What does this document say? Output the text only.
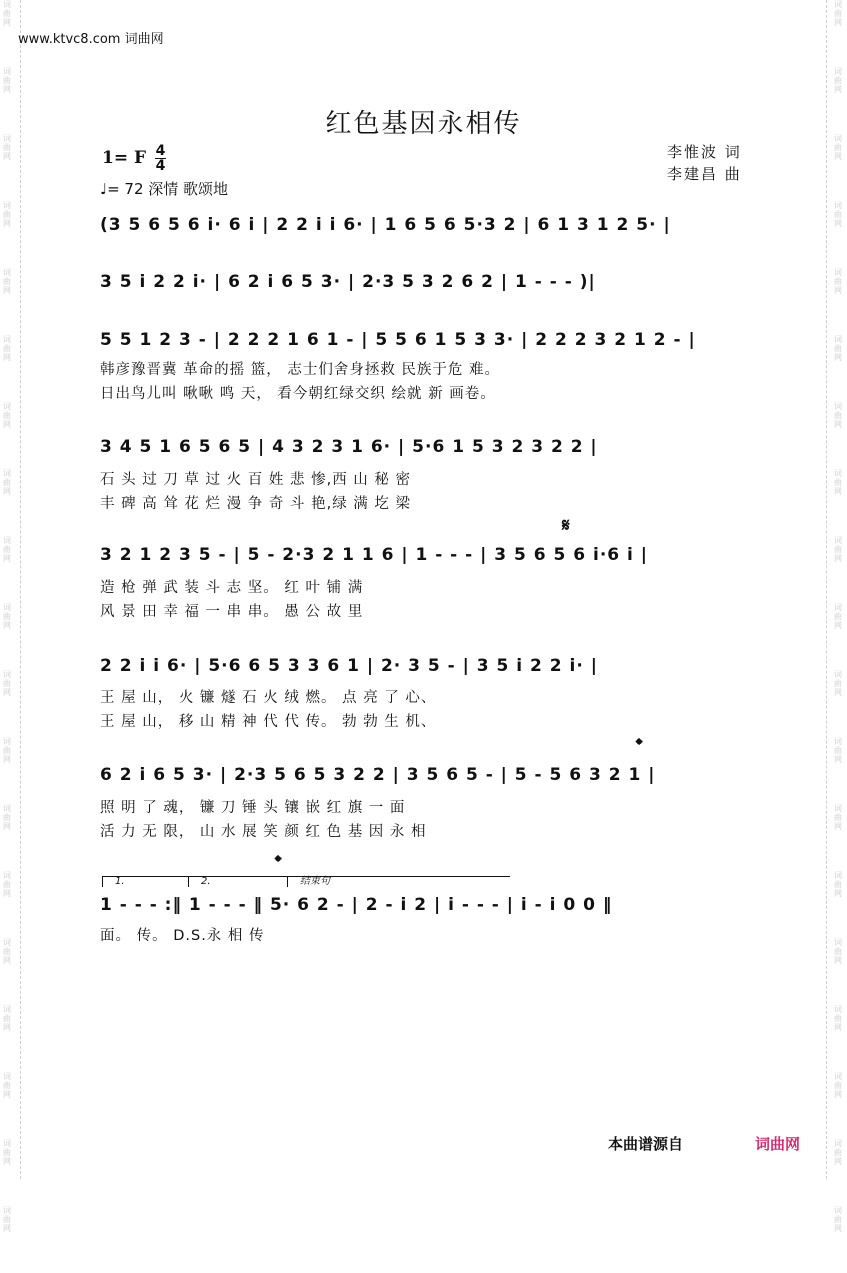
词
曲
网
词
曲
网
词
曲
网
词
曲
网
词
曲
网
词
曲
网
词
曲
网
词
曲
网
词
曲
网
词
曲
网
词
曲
网
词
曲
网
词
曲
网
词
曲
网
词
曲
网
词
曲
网
词
曲
网
词
曲
网
词
曲
网
词
曲
网
词
曲
网
词
曲
网
词
曲
网
词
曲
网
词
曲
网
词
曲
网
词
曲
网
词
曲
网
词
曲
网
词
曲
网
词
曲
网
词
曲
网
词
曲
网
词
曲
网
词
曲
网
词
曲
网
词
曲
网
词
曲
网
www.ktvc8.com 词曲网
红色基因永相传
1= F 4
4
♩= 72 深情 歌颂地
李惟波 词
李建昌 曲
(3 5 6 5 6 i· 6 i | 2 2 i i 6· | 1 6 5 6 5·3 2 | 6 1 3 1 2 5· |
3 5 i 2 2 i· | 6 2 i 6 5 3· | 2·3 5 3 2 6 2 | 1 - - - )|
5 5 1 2 3 - | 2 2 2 1 6 1 - | 5 5 6 1 5 3 3· | 2 2 2 3 2 1 2 - |
韩彦豫晋冀 革命的摇 篮， 志士们舍身拯救 民族于危 难。
日出鸟儿叫 啾啾 鸣 天， 看今朝红绿交织 绘就 新 画卷。
3 4 5 1 6 5 6 5 | 4 3 2 3 1 6· | 5·6 1 5 3 2 3 2 2 |
石 头 过 刀 草 过 火 百 姓 悲 惨,西 山 秘 密
丰 碑 高 耸 花 烂 漫 争 奇 斗 艳,绿 满 圪 梁
𝄋
3 2 1 2 3 5 - | 5 - 2·3 2 1 1 6 | 1 - - - | 3 5 6 5 6 i·6 i |
造 枪 弹 武 装 斗 志 坚。 红 叶 铺 满
风 景 田 幸 福 一 串 串。 愚 公 故 里
2 2 i i 6· | 5·6 6 5 3 3 6 1 | 2· 3 5 - | 3 5 i 2 2 i· |
王 屋 山， 火 镰 燧 石 火 绒 燃。 点 亮 了 心、
王 屋 山， 移 山 精 神 代 代 传。 勃 勃 生 机、
𝄌
6 2 i 6 5 3· | 2·3 5 6 5 3 2 2 | 3 5 6 5 - | 5 - 5 6 3 2 1 |
照 明 了 魂， 镰 刀 锤 头 镶 嵌 红 旗 一 面
活 力 无 限， 山 水 展 笑 颜 红 色 基 因 永 相
𝄌
1.	2.	结束句
1 - - - :‖ 1 - - - ‖ 5· 6 2 - | 2 - i 2 | i - - - | i - i 0 0 ‖
面。 传。 D.S.永 相 传
本曲谱源自	词曲网
